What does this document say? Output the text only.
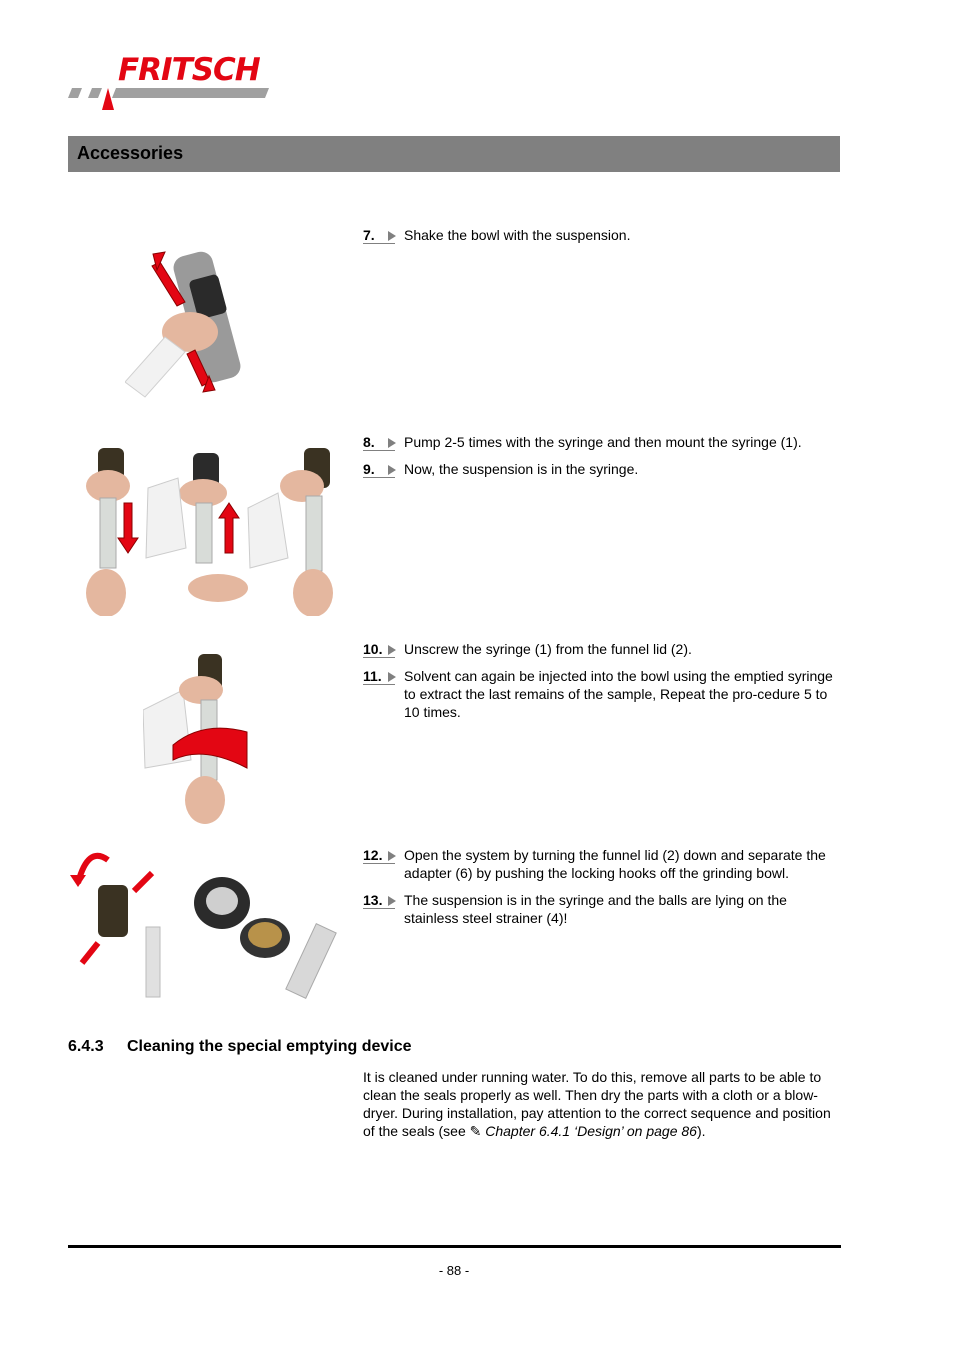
FRITSCH
Accessories
7. Shake the bowl with the suspension.
8. Pump 2-5 times with the syringe and then mount the syringe (1).
9. Now, the suspension is in the syringe.
10. Unscrew the syringe (1) from the funnel lid (2).
11. Solvent can again be injected into the bowl using the emptied syringe to extract the last remains of the sample, Repeat the pro-cedure 5 to 10 times.
12. Open the system by turning the funnel lid (2) down and separate the adapter (6) by pushing the locking hooks off the grinding bowl.
13. The suspension is in the syringe and the balls are lying on the stainless steel strainer (4)!
6.4.3 Cleaning the special emptying device
It is cleaned under running water. To do this, remove all parts to be able to clean the seals properly as well. Then dry the parts with a cloth or a blow-dryer. During installation, pay attention to the correct sequence and position of the seals (see ✎ Chapter 6.4.1 ‘Design’ on page 86).
- 88 -
